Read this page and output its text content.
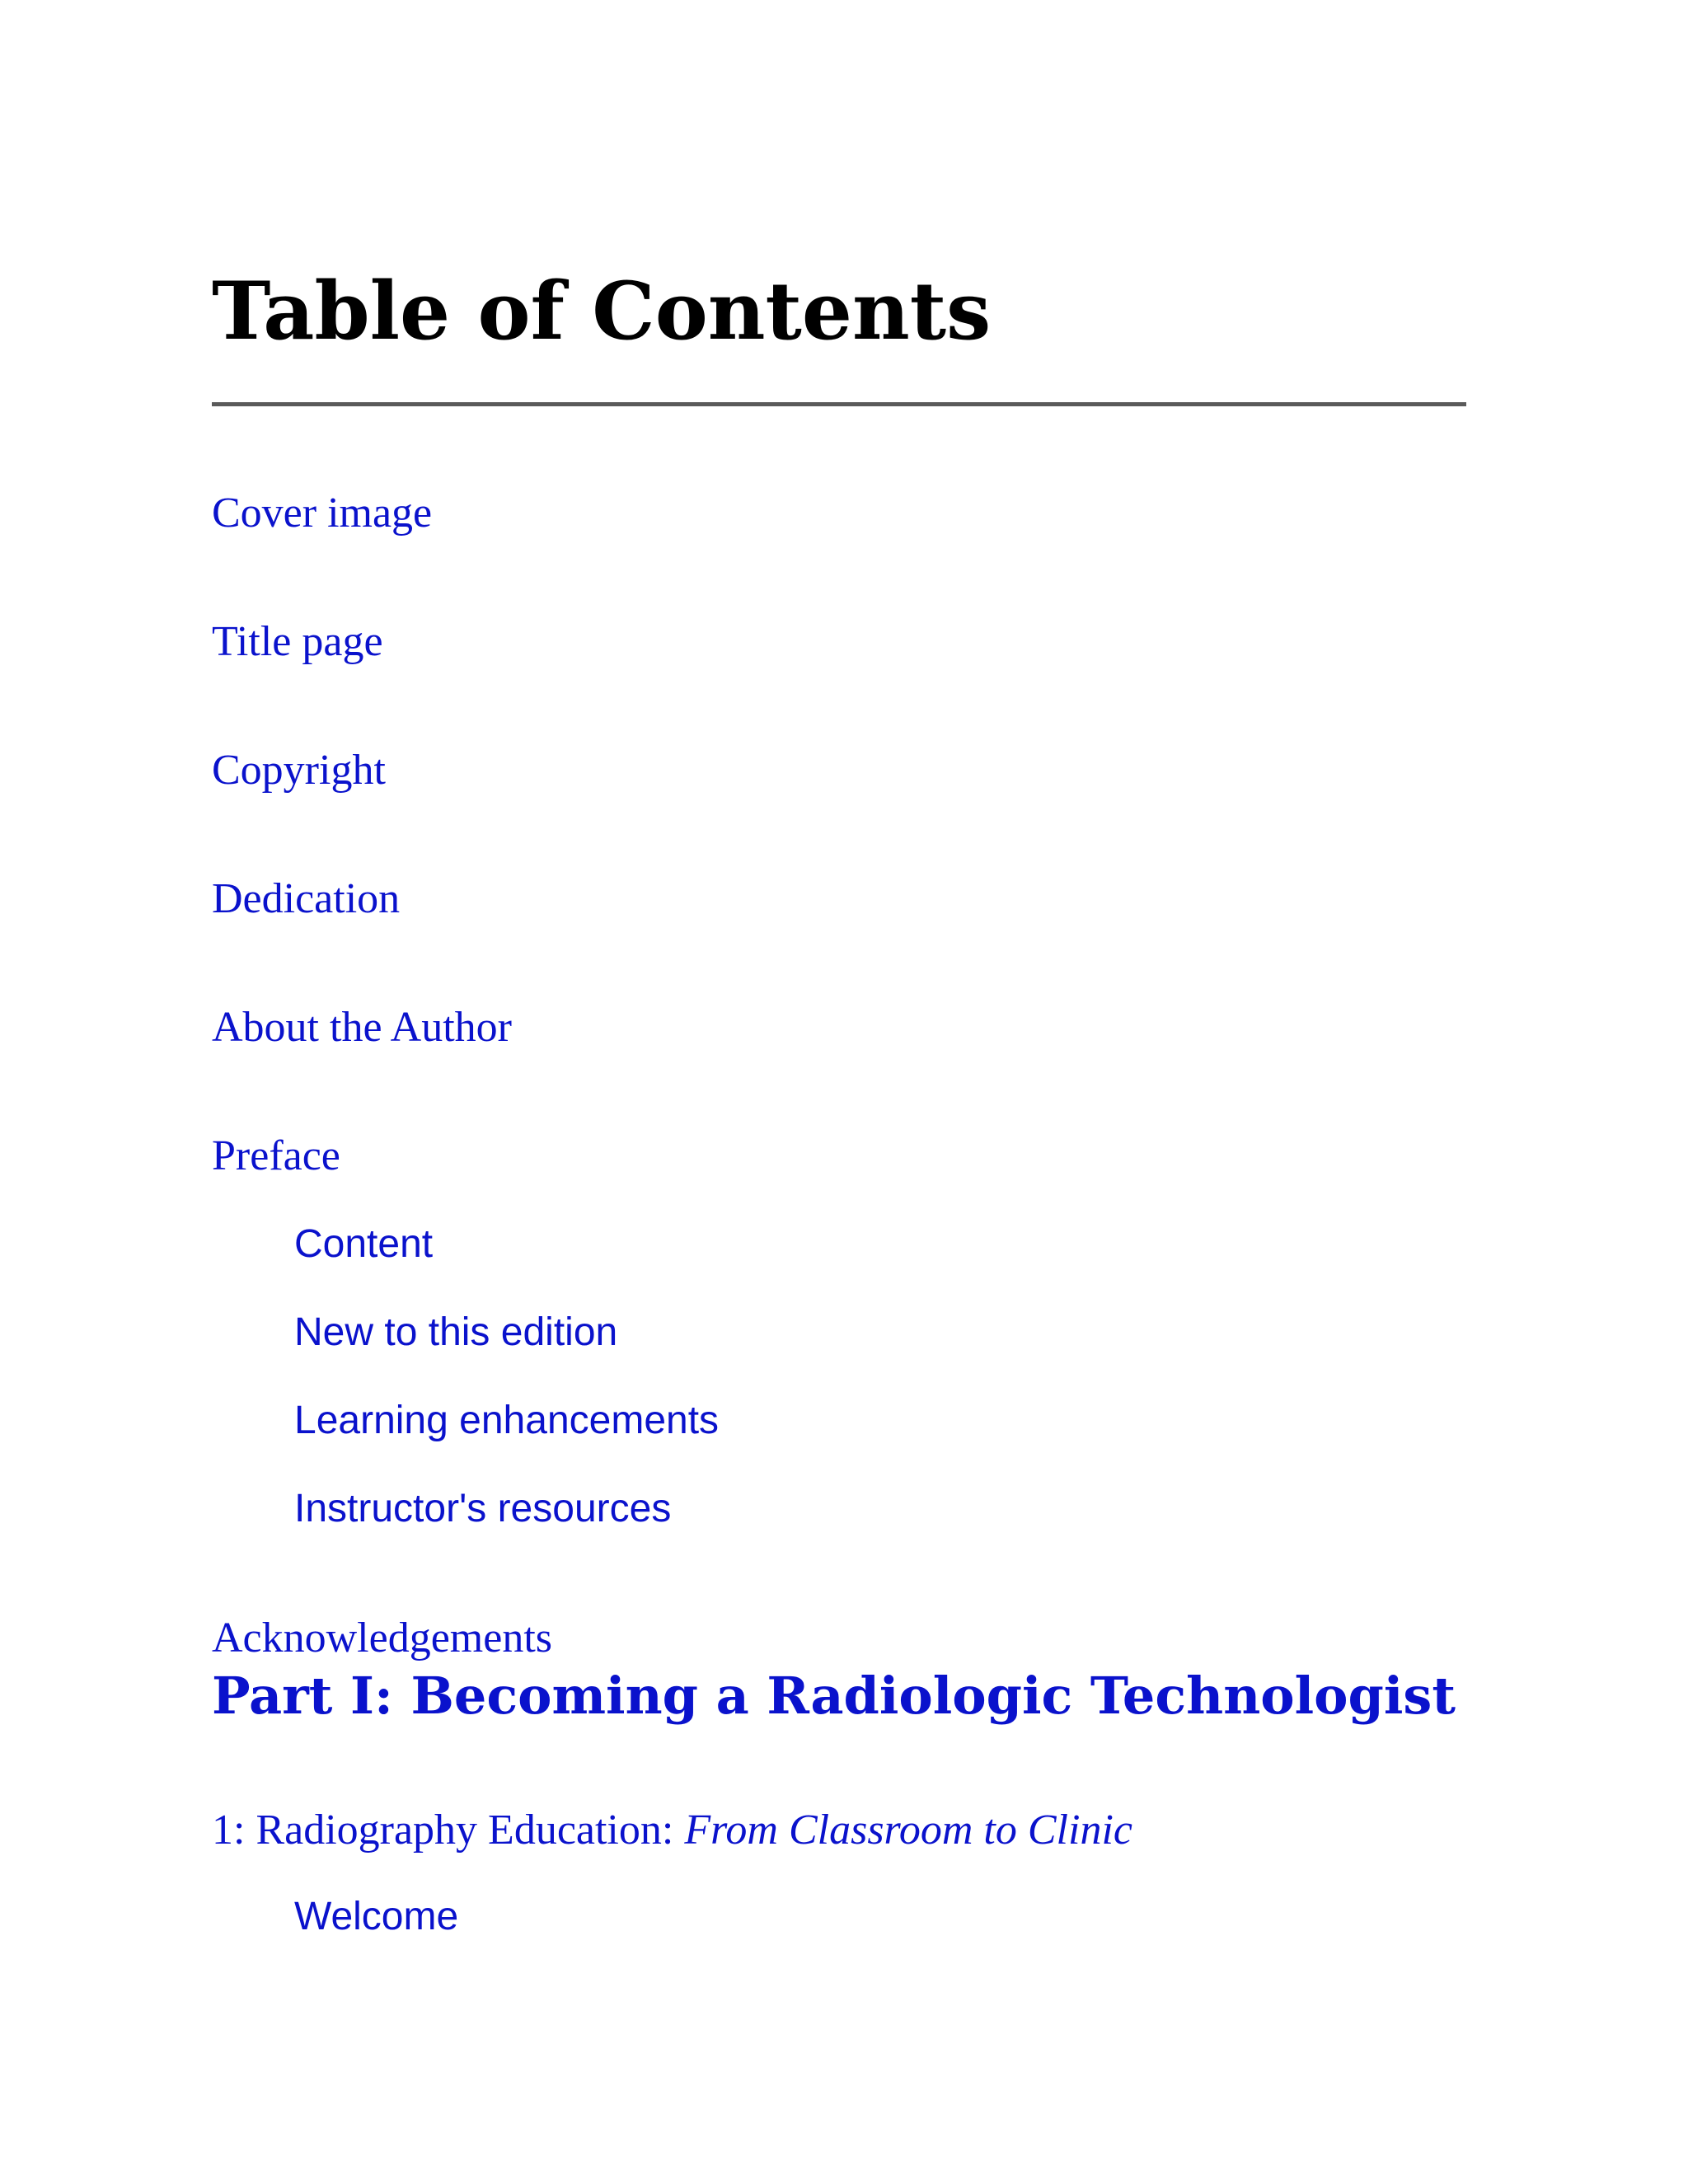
Table of Contents
Cover image
Title page
Copyright
Dedication
About the Author
Preface
Content
New to this edition
Learning enhancements
Instructor's resources
Acknowledgements
Part I: Becoming a Radiologic Technologist
1: Radiography Education: From Classroom to Clinic
Welcome
